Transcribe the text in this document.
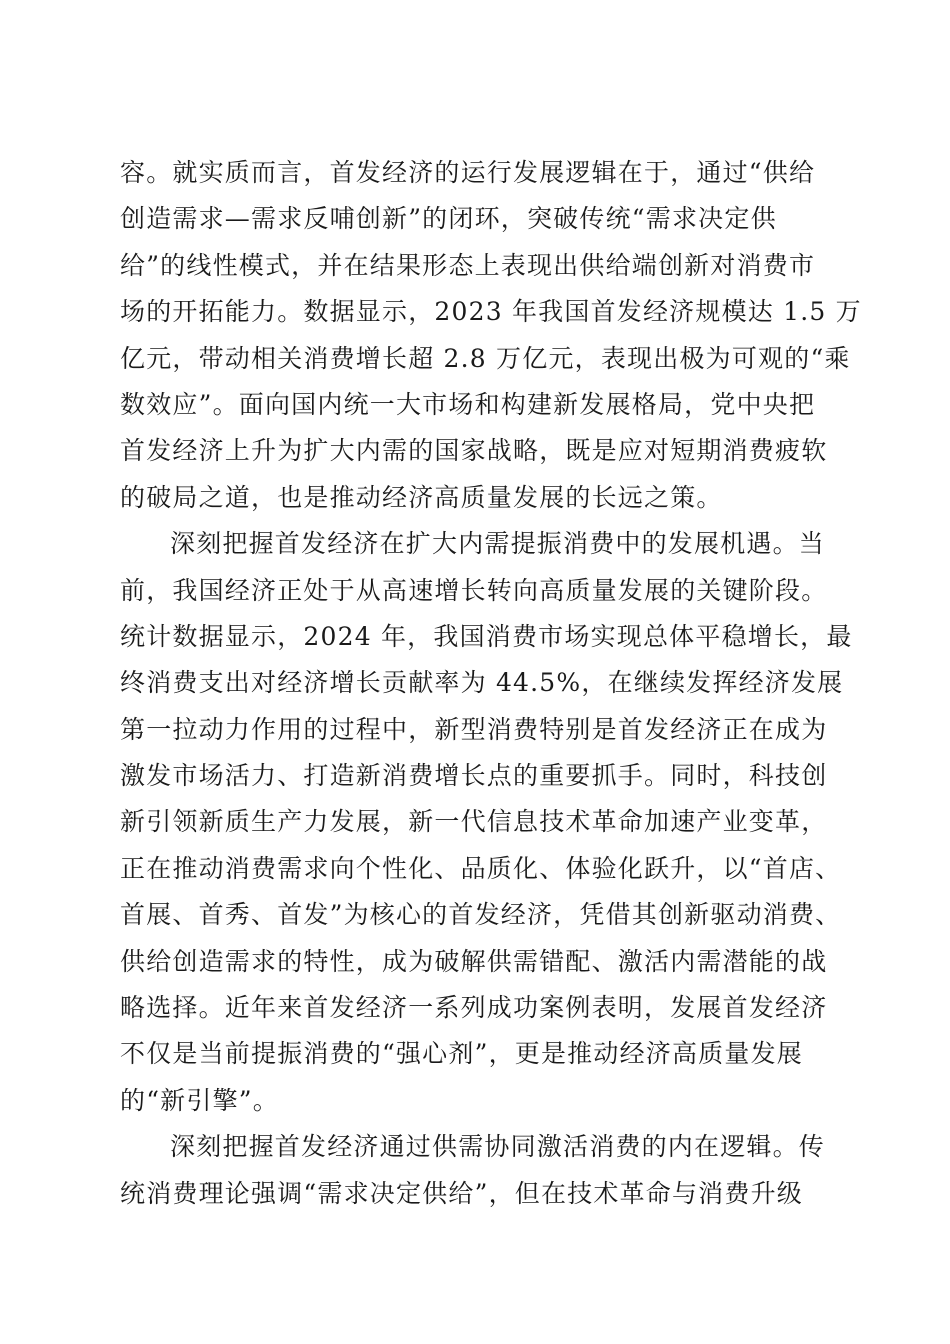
容。就实质而言，首发经济的运行发展逻辑在于，通过“供给
创造需求—需求反哺创新”的闭环，突破传统“需求决定供
给”的线性模式，并在结果形态上表现出供给端创新对消费市
场的开拓能力。数据显示，2023 年我国首发经济规模达 1.5 万
亿元，带动相关消费增长超 2.8 万亿元，表现出极为可观的“乘
数效应”。面向国内统一大市场和构建新发展格局，党中央把
首发经济上升为扩大内需的国家战略，既是应对短期消费疲软
的破局之道，也是推动经济高质量发展的长远之策。
深刻把握首发经济在扩大内需提振消费中的发展机遇。当
前，我国经济正处于从高速增长转向高质量发展的关键阶段。
统计数据显示，2024 年，我国消费市场实现总体平稳增长，最
终消费支出对经济增长贡献率为 44.5%，在继续发挥经济发展
第一拉动力作用的过程中，新型消费特别是首发经济正在成为
激发市场活力、打造新消费增长点的重要抓手。同时，科技创
新引领新质生产力发展，新一代信息技术革命加速产业变革，
正在推动消费需求向个性化、品质化、体验化跃升，以“首店、
首展、首秀、首发”为核心的首发经济，凭借其创新驱动消费、
供给创造需求的特性，成为破解供需错配、激活内需潜能的战
略选择。近年来首发经济一系列成功案例表明，发展首发经济
不仅是当前提振消费的“强心剂”，更是推动经济高质量发展
的“新引擎”。
深刻把握首发经济通过供需协同激活消费的内在逻辑。传
统消费理论强调“需求决定供给”，但在技术革命与消费升级
